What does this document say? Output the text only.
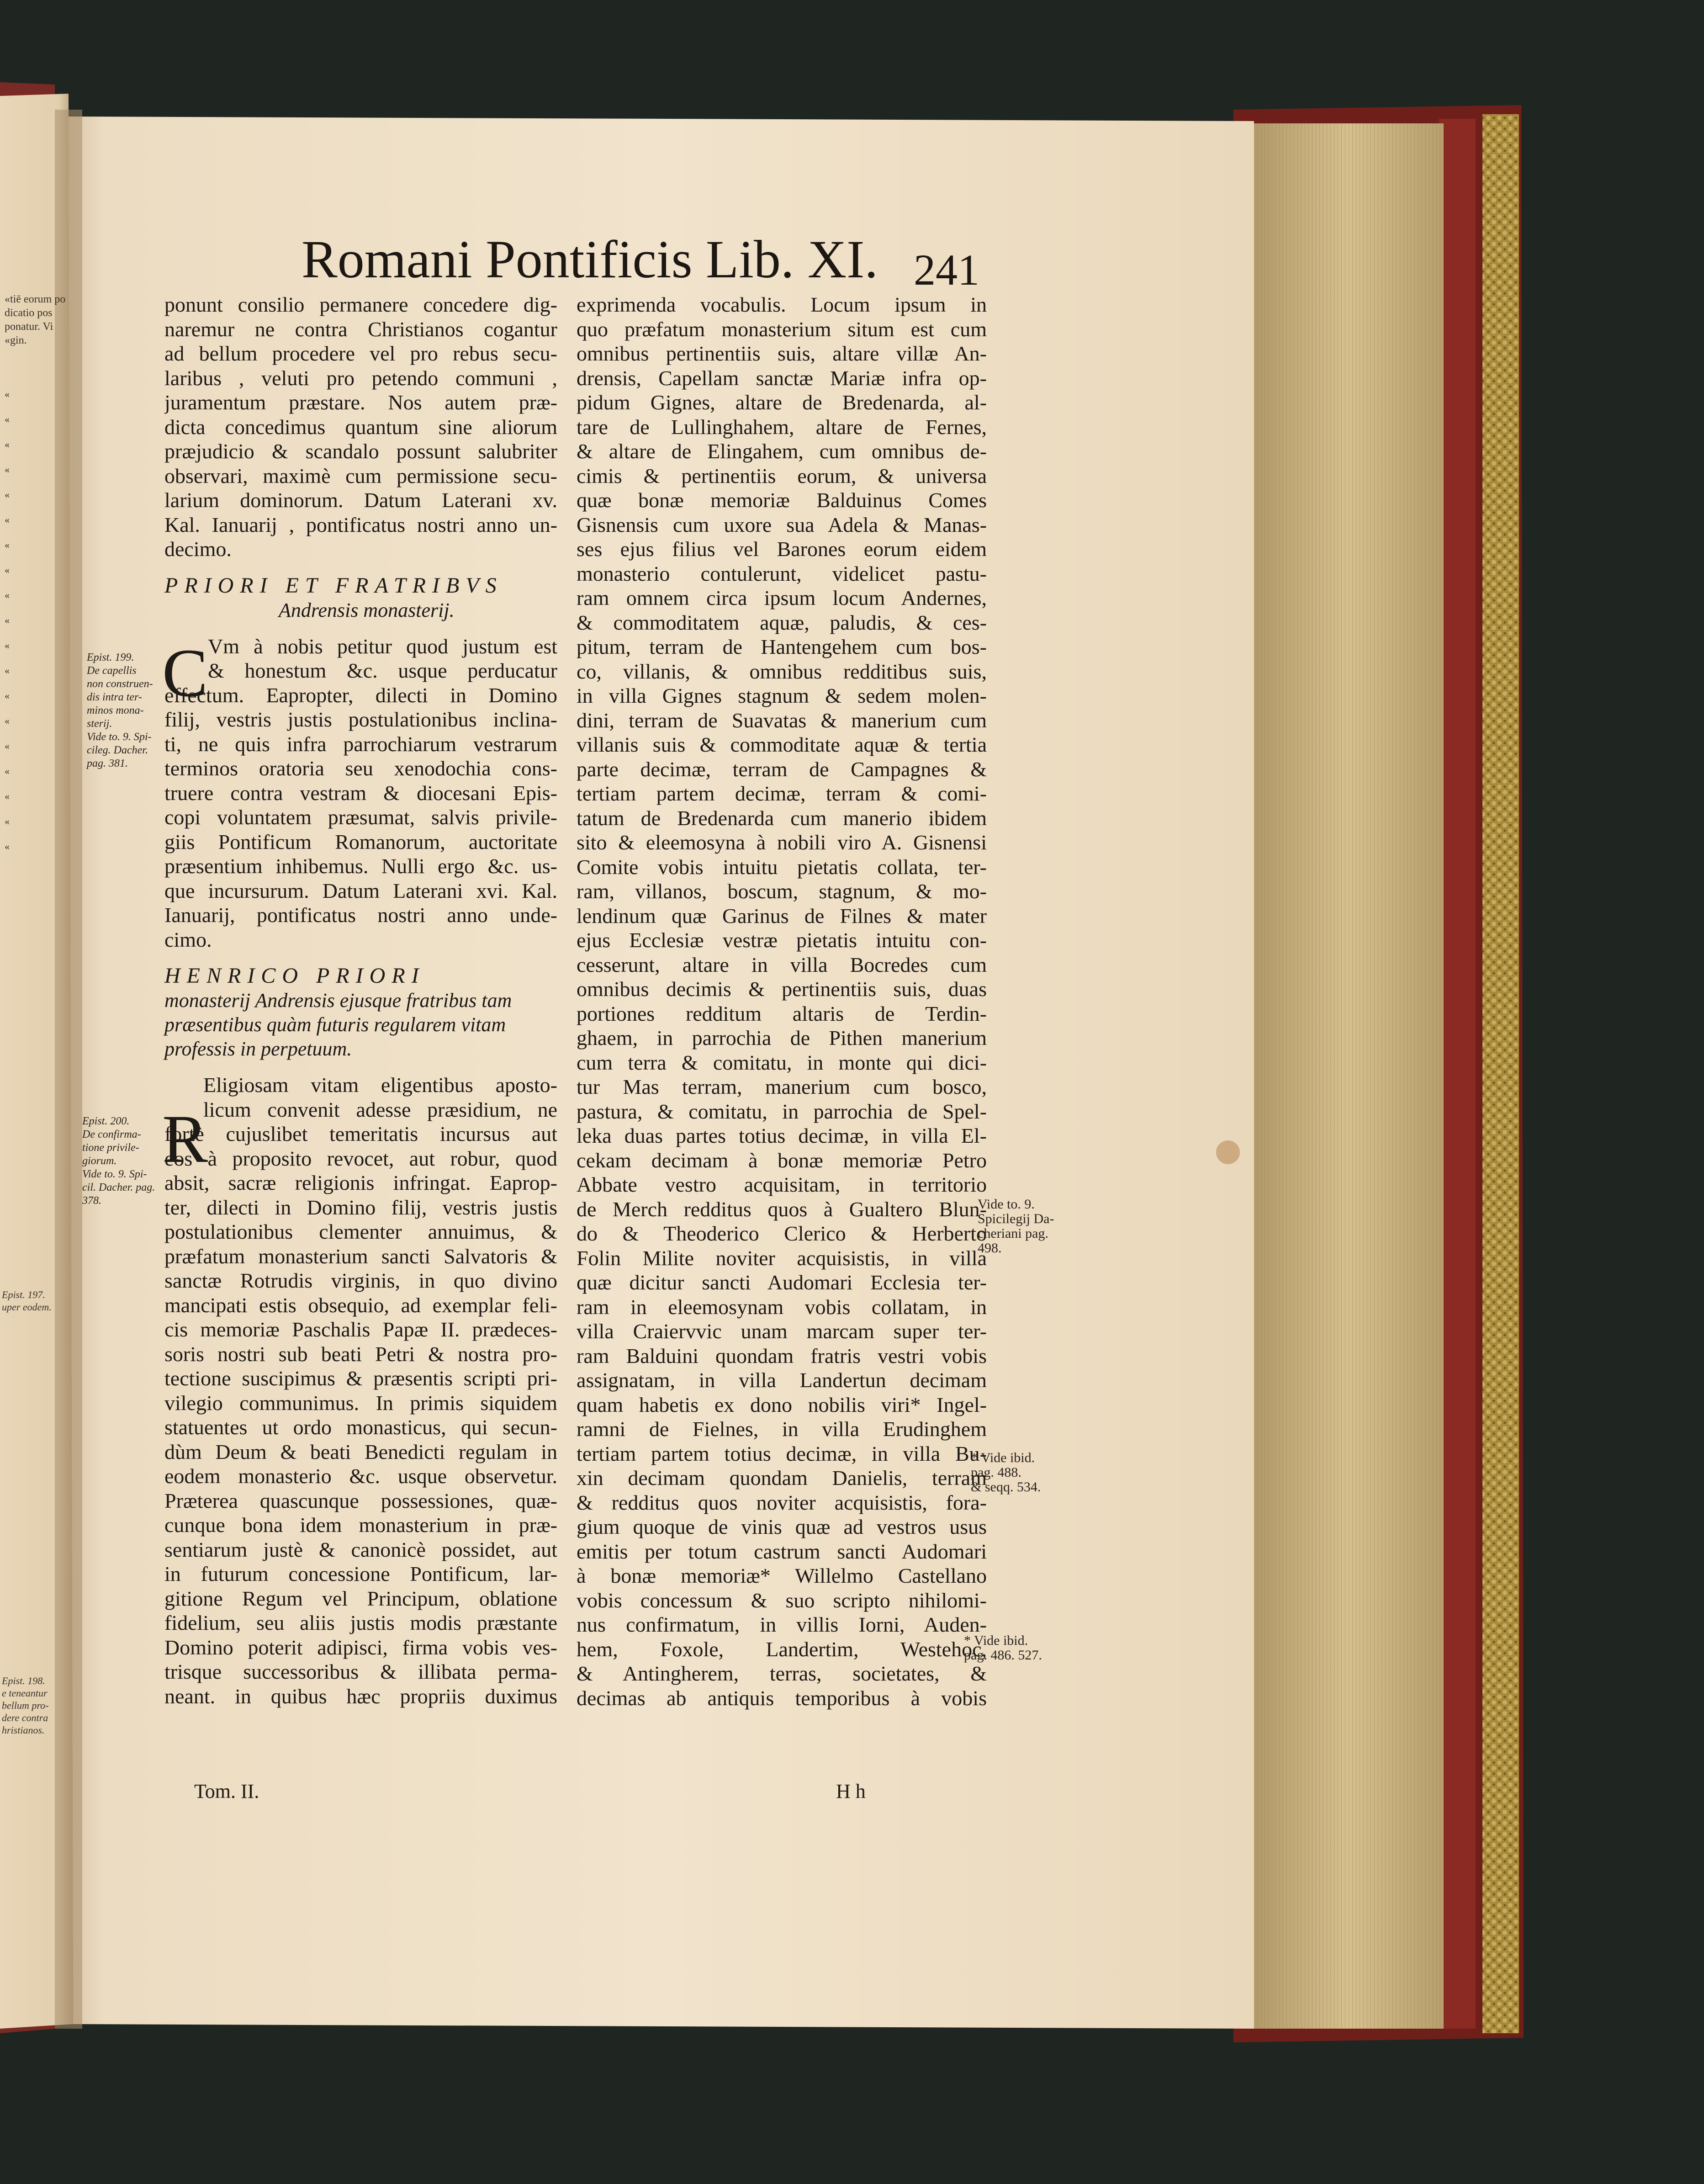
Romani Pontificis Lib. XI. 241
«tiē eorum po
dicatio pos
ponatur. Vi
«gin.
«
«
«
«
«
«
«
«
«
«
«
«
«
«
«
«
«
«
«
Epist. 197.
uper eodem.
Epist. 198.
e teneantur
bellum pro-
dere contra
hristianos.
ponunt consilio permanere concedere dig-
naremur ne contra Christianos cogantur
ad bellum procedere vel pro rebus secu-
laribus , veluti pro petendo communi ,
juramentum præstare. Nos autem præ-
dicta concedimus quantum sine aliorum
præjudicio & scandalo possunt salubriter
observari, maximè cum permissione secu-
larium dominorum. Datum Laterani xv.
Kal. Ianuarij , pontificatus nostri anno un-
decimo.
PRIORI ET FRATRIBVS
Andrensis monasterij.
Vm à nobis petitur quod justum est
& honestum &c. usque perducatur
effectum. Eapropter, dilecti in Domino
filij, vestris justis postulationibus inclina-
ti, ne quis infra parrochiarum vestrarum
terminos oratoria seu xenodochia cons-
truere contra vestram & diocesani Epis-
copi voluntatem præsumat, salvis privile-
giis Pontificum Romanorum, auctoritate
præsentium inhibemus. Nulli ergo &c. us-
que incursurum. Datum Laterani xvi. Kal.
Ianuarij, pontificatus nostri anno unde-
cimo.
HENRICO PRIORI
monasterij Andrensis ejusque fratribus tam
præsentibus quàm futuris regularem vitam
professis in perpetuum.
Eligiosam vitam eligentibus aposto-
licum convenit adesse præsidium, ne
fortè cujuslibet temeritatis incursus aut
eos à proposito revocet, aut robur, quod
absit, sacræ religionis infringat. Eaprop-
ter, dilecti in Domino filij, vestris justis
postulationibus clementer annuimus, &
præfatum monasterium sancti Salvatoris &
sanctæ Rotrudis virginis, in quo divino
mancipati estis obsequio, ad exemplar feli-
cis memoriæ Paschalis Papæ II. prædeces-
soris nostri sub beati Petri & nostra pro-
tectione suscipimus & præsentis scripti pri-
vilegio communimus. In primis siquidem
statuentes ut ordo monasticus, qui secun-
dùm Deum & beati Benedicti regulam in
eodem monasterio &c. usque observetur.
Præterea quascunque possessiones, quæ-
cunque bona idem monasterium in præ-
sentiarum justè & canonicè possidet, aut
in futurum concessione Pontificum, lar-
gitione Regum vel Principum, oblatione
fidelium, seu aliis justis modis præstante
Domino poterit adipisci, firma vobis ves-
trisque successoribus & illibata perma-
neant. in quibus hæc propriis duximus
C
R
exprimenda vocabulis. Locum ipsum in
quo præfatum monasterium situm est cum
omnibus pertinentiis suis, altare villæ An-
drensis, Capellam sanctæ Mariæ infra op-
pidum Gignes, altare de Bredenarda, al-
tare de Lullinghahem, altare de Fernes,
& altare de Elingahem, cum omnibus de-
cimis & pertinentiis eorum, & universa
quæ bonæ memoriæ Balduinus Comes
Gisnensis cum uxore sua Adela & Manas-
ses ejus filius vel Barones eorum eidem
monasterio contulerunt, videlicet pastu-
ram omnem circa ipsum locum Andernes,
& commoditatem aquæ, paludis, & ces-
pitum, terram de Hantengehem cum bos-
co, villanis, & omnibus redditibus suis,
in villa Gignes stagnum & sedem molen-
dini, terram de Suavatas & manerium cum
villanis suis & commoditate aquæ & tertia
parte decimæ, terram de Campagnes &
tertiam partem decimæ, terram & comi-
tatum de Bredenarda cum manerio ibidem
sito & eleemosyna à nobili viro A. Gisnensi
Comite vobis intuitu pietatis collata, ter-
ram, villanos, boscum, stagnum, & mo-
lendinum quæ Garinus de Filnes & mater
ejus Ecclesiæ vestræ pietatis intuitu con-
cesserunt, altare in villa Bocredes cum
omnibus decimis & pertinentiis suis, duas
portiones redditum altaris de Terdin-
ghaem, in parrochia de Pithen manerium
cum terra & comitatu, in monte qui dici-
tur Mas terram, manerium cum bosco,
pastura, & comitatu, in parrochia de Spel-
leka duas partes totius decimæ, in villa El-
cekam decimam à bonæ memoriæ Petro
Abbate vestro acquisitam, in territorio
de Merch redditus quos à Gualtero Blun-
do & Theoderico Clerico & Herberto
Folin Milite noviter acquisistis, in villa
quæ dicitur sancti Audomari Ecclesia ter-
ram in eleemosynam vobis collatam, in
villa Craiervvic unam marcam super ter-
ram Balduini quondam fratris vestri vobis
assignatam, in villa Landertun decimam
quam habetis ex dono nobilis viri* Ingel-
ramni de Fielnes, in villa Erudinghem
tertiam partem totius decimæ, in villa Bu-
xin decimam quondam Danielis, terram
& redditus quos noviter acquisistis, fora-
gium quoque de vinis quæ ad vestros usus
emitis per totum castrum sancti Audomari
à bonæ memoriæ* Willelmo Castellano
vobis concessum & suo scripto nihilomi-
nus confirmatum, in villis Iorni, Auden-
hem, Foxole, Landertim, Westehoc,
& Antingherem, terras, societates, &
decimas ab antiquis temporibus à vobis
Epist. 199.
De capellis
non construen-
dis intra ter-
minos mona-
sterij.
Vide to. 9. Spi-
cileg. Dacher.
pag. 381.
Epist. 200.
De confirma-
tione privile-
giorum.
Vide to. 9. Spi-
cil. Dacher. pag.
378.	Vide to. 9.
Spicilegij Da-
cheriani pag.
498.
* Vide ibid.
pag. 488.
& seqq. 534.
* Vide ibid.
pag. 486. 527.
Tom. II.	H h
